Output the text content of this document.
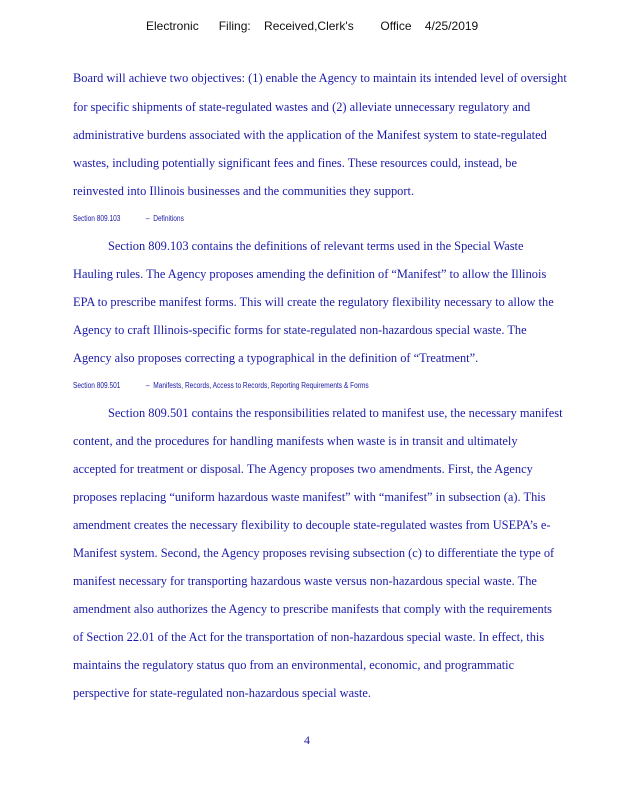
Electronic      Filing:    Received,Clerk's        Office    4/25/2019
Board will achieve two objectives: (1) enable the Agency to maintain its intended level of oversight
for specific shipments of state-regulated wastes and (2) alleviate unnecessary regulatory and
administrative burdens associated with the application of the Manifest system to state-regulated
wastes, including potentially significant fees and fines. These resources could, instead, be
reinvested into Illinois businesses and the communities they support.
Section 809.103              –  Definitions
Section 809.103 contains the definitions of relevant terms used in the Special Waste
Hauling rules. The Agency proposes amending the definition of “Manifest” to allow the Illinois
EPA to prescribe manifest forms. This will create the regulatory flexibility necessary to allow the
Agency to craft Illinois-specific forms for state-regulated non-hazardous special waste. The
Agency also proposes correcting a typographical in the definition of “Treatment”.
Section 809.501              –  Manifests, Records, Access to Records, Reporting Requirements & Forms
Section 809.501 contains the responsibilities related to manifest use, the necessary manifest
content, and the procedures for handling manifests when waste is in transit and ultimately
accepted for treatment or disposal. The Agency proposes two amendments. First, the Agency
proposes replacing “uniform hazardous waste manifest” with “manifest” in subsection (a). This
amendment creates the necessary flexibility to decouple state-regulated wastes from USEPA’s e-
Manifest system. Second, the Agency proposes revising subsection (c) to differentiate the type of
manifest necessary for transporting hazardous waste versus non-hazardous special waste. The
amendment also authorizes the Agency to prescribe manifests that comply with the requirements
of Section 22.01 of the Act for the transportation of non-hazardous special waste. In effect, this
maintains the regulatory status quo from an environmental, economic, and programmatic
perspective for state-regulated non-hazardous special waste.
4
